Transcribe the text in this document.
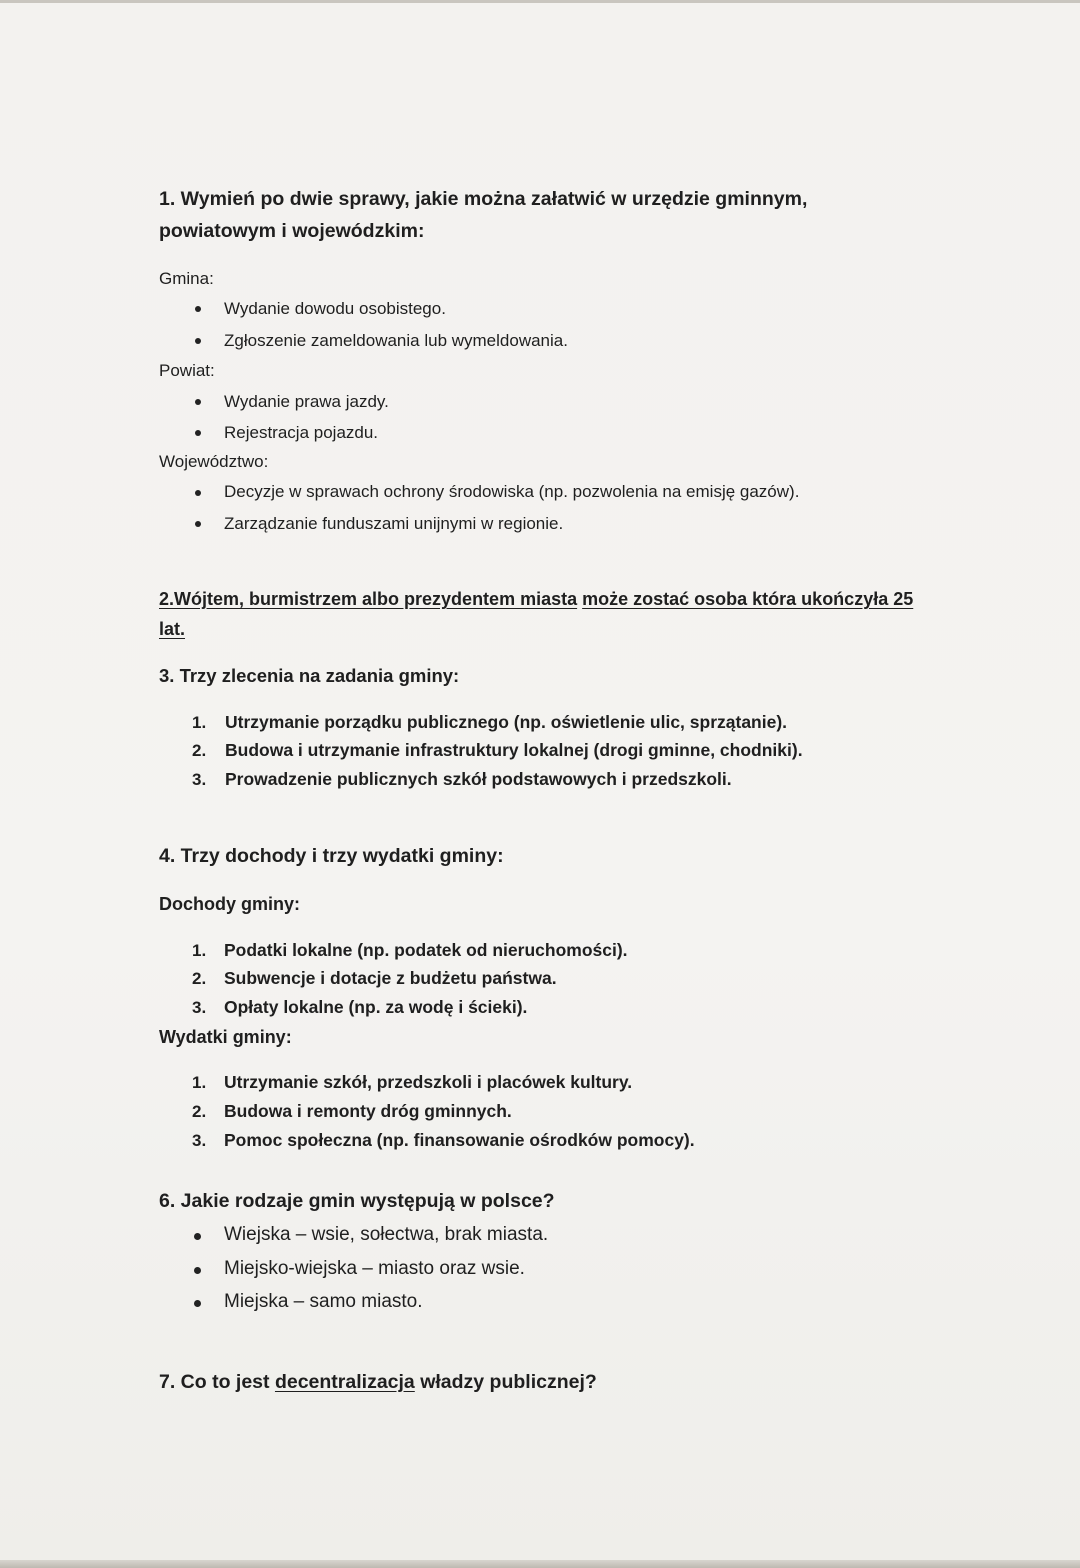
1. Wymień po dwie sprawy, jakie można załatwić w urzędzie gminnym,
powiatowym i wojewódzkim:
Gmina:
Wydanie dowodu osobistego.
Zgłoszenie zameldowania lub wymeldowania.
Powiat:
Wydanie prawa jazdy.
Rejestracja pojazdu.
Województwo:
Decyzje w sprawach ochrony środowiska (np. pozwolenia na emisję gazów).
Zarządzanie funduszami unijnymi w regionie.
2.Wójtem, burmistrzem albo prezydentem miasta może zostać osoba która ukończyła 25
lat.
3. Trzy zlecenia na zadania gminy:
1. Utrzymanie porządku publicznego (np. oświetlenie ulic, sprzątanie).
2. Budowa i utrzymanie infrastruktury lokalnej (drogi gminne, chodniki).
3. Prowadzenie publicznych szkół podstawowych i przedszkoli.
4. Trzy dochody i trzy wydatki gminy:
Dochody gminy:
1. Podatki lokalne (np. podatek od nieruchomości).
2. Subwencje i dotacje z budżetu państwa.
3. Opłaty lokalne (np. za wodę i ścieki).
Wydatki gminy:
1. Utrzymanie szkół, przedszkoli i placówek kultury.
2. Budowa i remonty dróg gminnych.
3. Pomoc społeczna (np. finansowanie ośrodków pomocy).
6. Jakie rodzaje gmin występują w polsce?
Wiejska – wsie, sołectwa, brak miasta.
Miejsko-wiejska – miasto oraz wsie.
Miejska – samo miasto.
7. Co to jest decentralizacja władzy publicznej?
